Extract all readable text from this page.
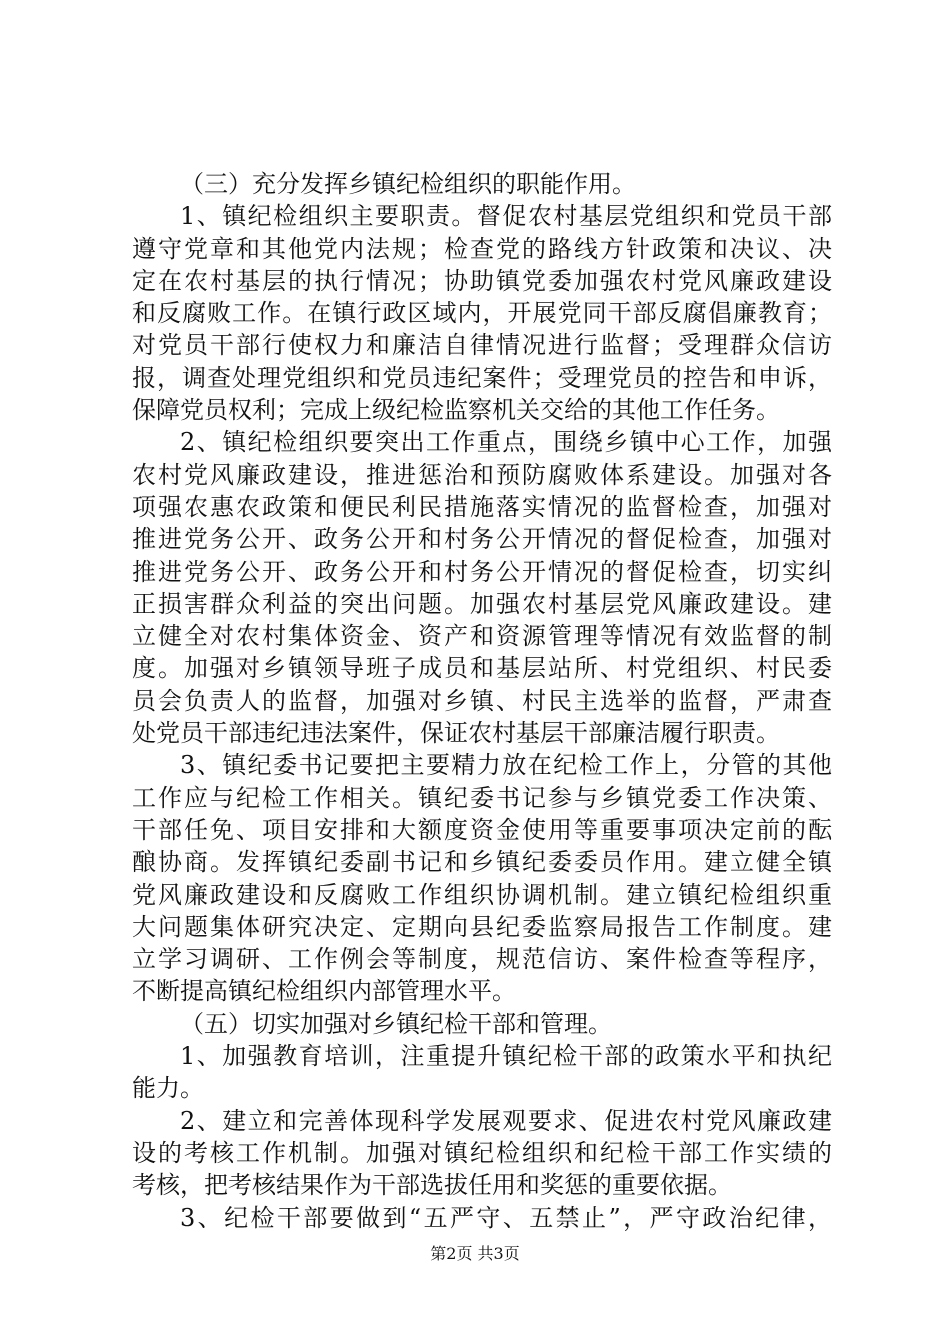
（三）充分发挥乡镇纪检组织的职能作用。
1、镇纪检组织主要职责。督促农村基层党组织和党员干部
遵守党章和其他党内法规；检查党的路线方针政策和决议、决
定在农村基层的执行情况；协助镇党委加强农村党风廉政建设
和反腐败工作。在镇行政区域内，开展党同干部反腐倡廉教育；
对党员干部行使权力和廉洁自律情况进行监督；受理群众信访
报，调查处理党组织和党员违纪案件；受理党员的控告和申诉，
保障党员权利；完成上级纪检监察机关交给的其他工作任务。
2、镇纪检组织要突出工作重点，围绕乡镇中心工作，加强
农村党风廉政建设，推进惩治和预防腐败体系建设。加强对各
项强农惠农政策和便民利民措施落实情况的监督检查，加强对
推进党务公开、政务公开和村务公开情况的督促检查，加强对
推进党务公开、政务公开和村务公开情况的督促检查，切实纠
正损害群众利益的突出问题。加强农村基层党风廉政建设。建
立健全对农村集体资金、资产和资源管理等情况有效监督的制
度。加强对乡镇领导班子成员和基层站所、村党组织、村民委
员会负责人的监督，加强对乡镇、村民主选举的监督，严肃查
处党员干部违纪违法案件，保证农村基层干部廉洁履行职责。
3、镇纪委书记要把主要精力放在纪检工作上，分管的其他
工作应与纪检工作相关。镇纪委书记参与乡镇党委工作决策、
干部任免、项目安排和大额度资金使用等重要事项决定前的酝
酿协商。发挥镇纪委副书记和乡镇纪委委员作用。建立健全镇
党风廉政建设和反腐败工作组织协调机制。建立镇纪检组织重
大问题集体研究决定、定期向县纪委监察局报告工作制度。建
立学习调研、工作例会等制度，规范信访、案件检查等程序，
不断提高镇纪检组织内部管理水平。
（五）切实加强对乡镇纪检干部和管理。
1、加强教育培训，注重提升镇纪检干部的政策水平和执纪
能力。
2、建立和完善体现科学发展观要求、促进农村党风廉政建
设的考核工作机制。加强对镇纪检组织和纪检干部工作实绩的
考核，把考核结果作为干部选拔任用和奖惩的重要依据。
3、纪检干部要做到“五严守、五禁止”，严守政治纪律，
第2页 共3页
